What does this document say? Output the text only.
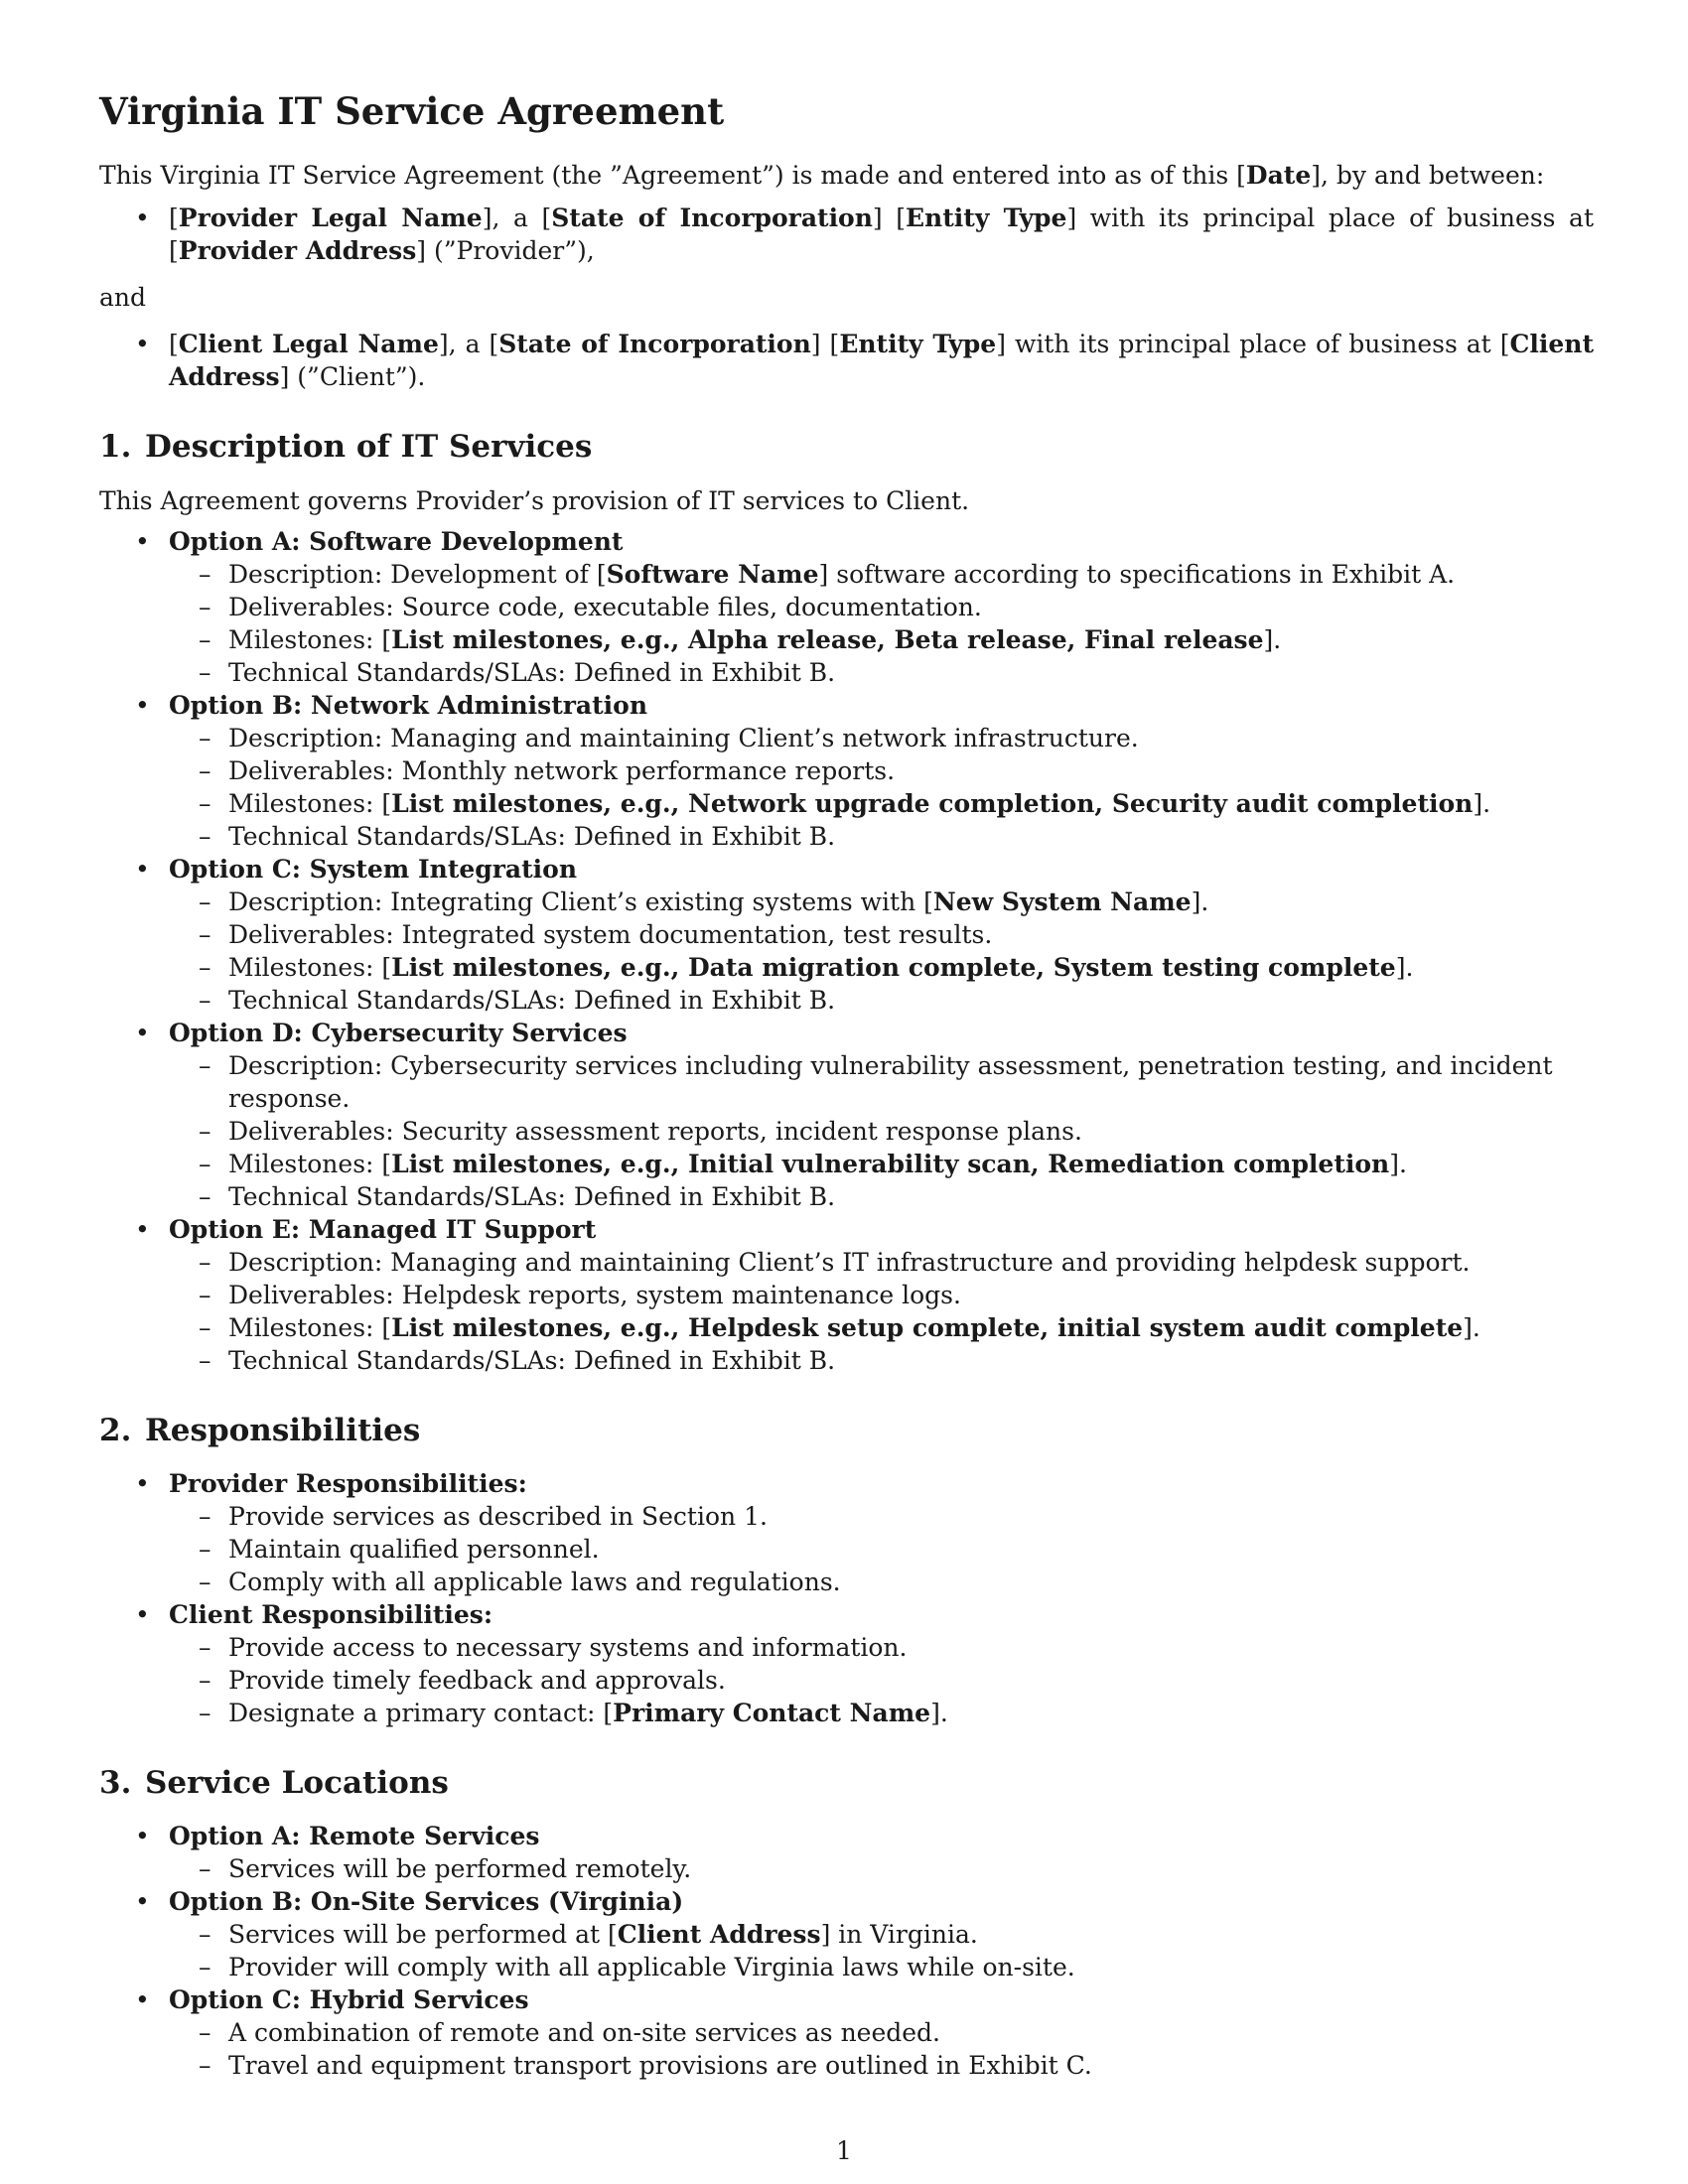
Virginia IT Service Agreement

This Virginia IT Service Agreement (the ”Agreement”) is made and entered into as of this [Date], by and between:

• [Provider Legal Name], a [State of Incorporation] [Entity Type] with its principal place of business at [Provider Address] (”Provider”),

and

• [Client Legal Name], a [State of Incorporation] [Entity Type] with its principal place of business at [Client Address] (”Client”).
1. Description of IT Services

This Agreement governs Provider’s provision of IT services to Client.

• Option A: Software Development
– Description: Development of [Software Name] software according to specifications in Exhibit A.
– Deliverables: Source code, executable files, documentation.
– Milestones: [List milestones, e.g., Alpha release, Beta release, Final release].
– Technical Standards/SLAs: Defined in Exhibit B.
• Option B: Network Administration
– Description: Managing and maintaining Client’s network infrastructure.
– Deliverables: Monthly network performance reports.
– Milestones: [List milestones, e.g., Network upgrade completion, Security audit completion].
– Technical Standards/SLAs: Defined in Exhibit B.
• Option C: System Integration
– Description: Integrating Client’s existing systems with [New System Name].
– Deliverables: Integrated system documentation, test results.
– Milestones: [List milestones, e.g., Data migration complete, System testing complete].
– Technical Standards/SLAs: Defined in Exhibit B.
• Option D: Cybersecurity Services
– Description: Cybersecurity services including vulnerability assessment, penetration testing, and incident response.
– Deliverables: Security assessment reports, incident response plans.
– Milestones: [List milestones, e.g., Initial vulnerability scan, Remediation completion].
– Technical Standards/SLAs: Defined in Exhibit B.
• Option E: Managed IT Support
– Description: Managing and maintaining Client’s IT infrastructure and providing helpdesk support.
– Deliverables: Helpdesk reports, system maintenance logs.
– Milestones: [List milestones, e.g., Helpdesk setup complete, initial system audit complete].
– Technical Standards/SLAs: Defined in Exhibit B.
2. Responsibilities
• Provider Responsibilities:
– Provide services as described in Section 1.
– Maintain qualified personnel.
– Comply with all applicable laws and regulations.
• Client Responsibilities:
– Provide access to necessary systems and information.
– Provide timely feedback and approvals.
– Designate a primary contact: [Primary Contact Name].
3. Service Locations
• Option A: Remote Services
– Services will be performed remotely.
• Option B: On-Site Services (Virginia)
– Services will be performed at [Client Address] in Virginia.
– Provider will comply with all applicable Virginia laws while on-site.
• Option C: Hybrid Services
– A combination of remote and on-site services as needed.
– Travel and equipment transport provisions are outlined in Exhibit C.
1
